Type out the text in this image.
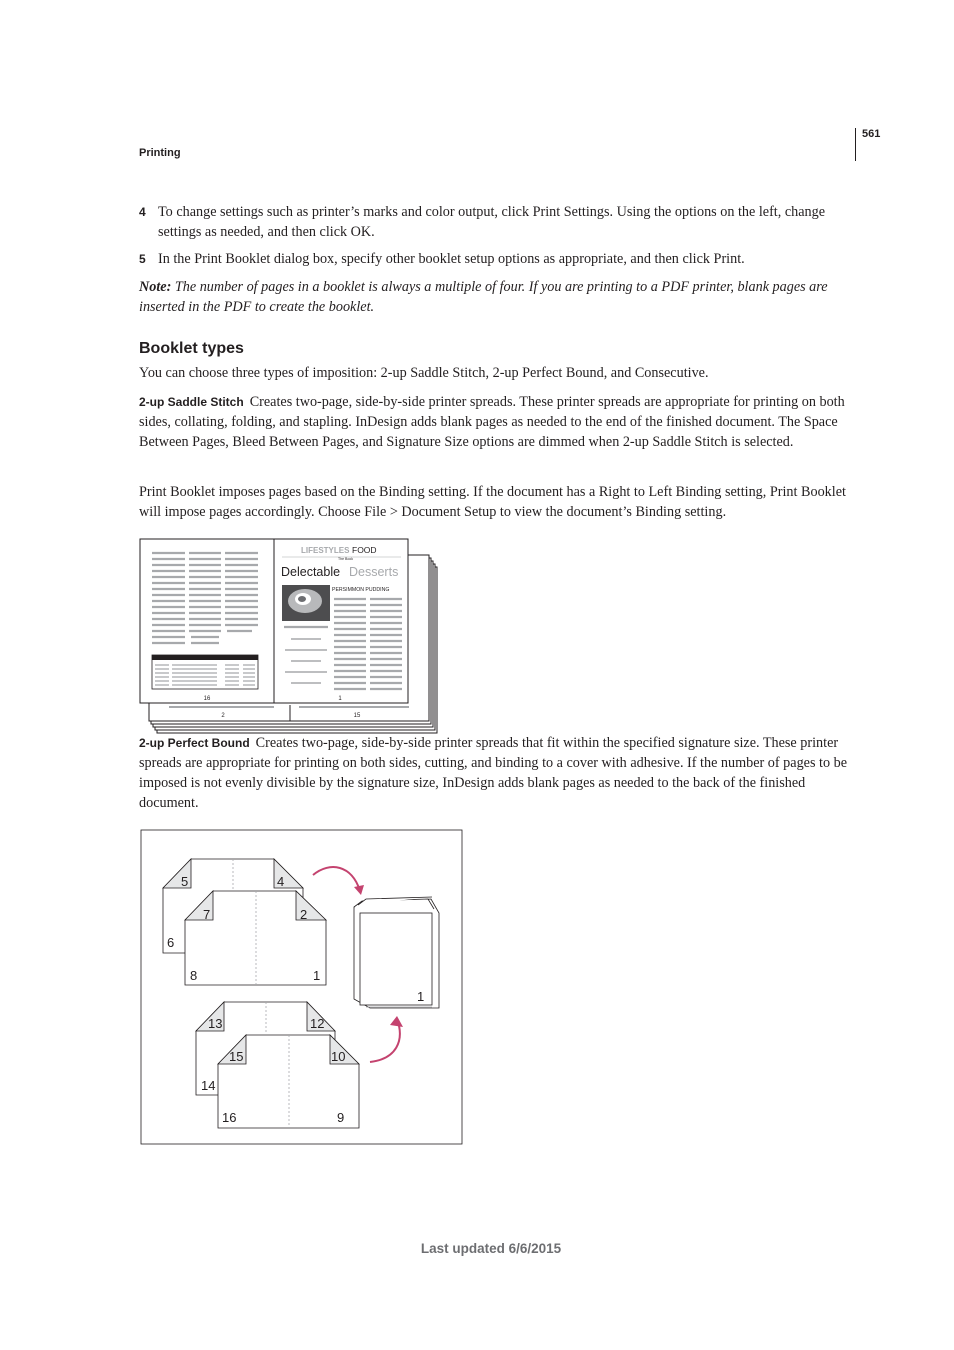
561
Printing
4 To change settings such as printer’s marks and color output, click Print Settings. Using the options on the left, change settings as needed, and then click OK.
5 In the Print Booklet dialog box, specify other booklet setup options as appropriate, and then click Print.
Note: The number of pages in a booklet is always a multiple of four. If you are printing to a PDF printer, blank pages are inserted in the PDF to create the booklet.
Booklet types
You can choose three types of imposition: 2-up Saddle Stitch, 2-up Perfect Bound, and Consecutive.
2-up Saddle Stitch Creates two-page, side-by-side printer spreads. These printer spreads are appropriate for printing on both sides, collating, folding, and stapling. InDesign adds blank pages as needed to the end of the finished document. The Space Between Pages, Bleed Between Pages, and Signature Size options are dimmed when 2-up Saddle Stitch is selected.
Print Booklet imposes pages based on the Binding setting. If the document has a Right to Left Binding setting, Print Booklet will impose pages accordingly. Choose File > Document Setup to view the document’s Binding setting.
2	15
16
LIFESTYLES FOOD
The Book
Delectable Desserts
PERSIMMON PUDDING
1
2-up Perfect Bound Creates two-page, side-by-side printer spreads that fit within the specified signature size. These printer spreads are appropriate for printing on both sides, cutting, and binding to a cover with adhesive. If the number of pages to be imposed is not evenly divisible by the signature size, InDesign adds blank pages as needed to the back of the finished document.
5	4
7	2
6
8	1
1
13	12
15	10
14
16	9
Last updated 6/6/2015
